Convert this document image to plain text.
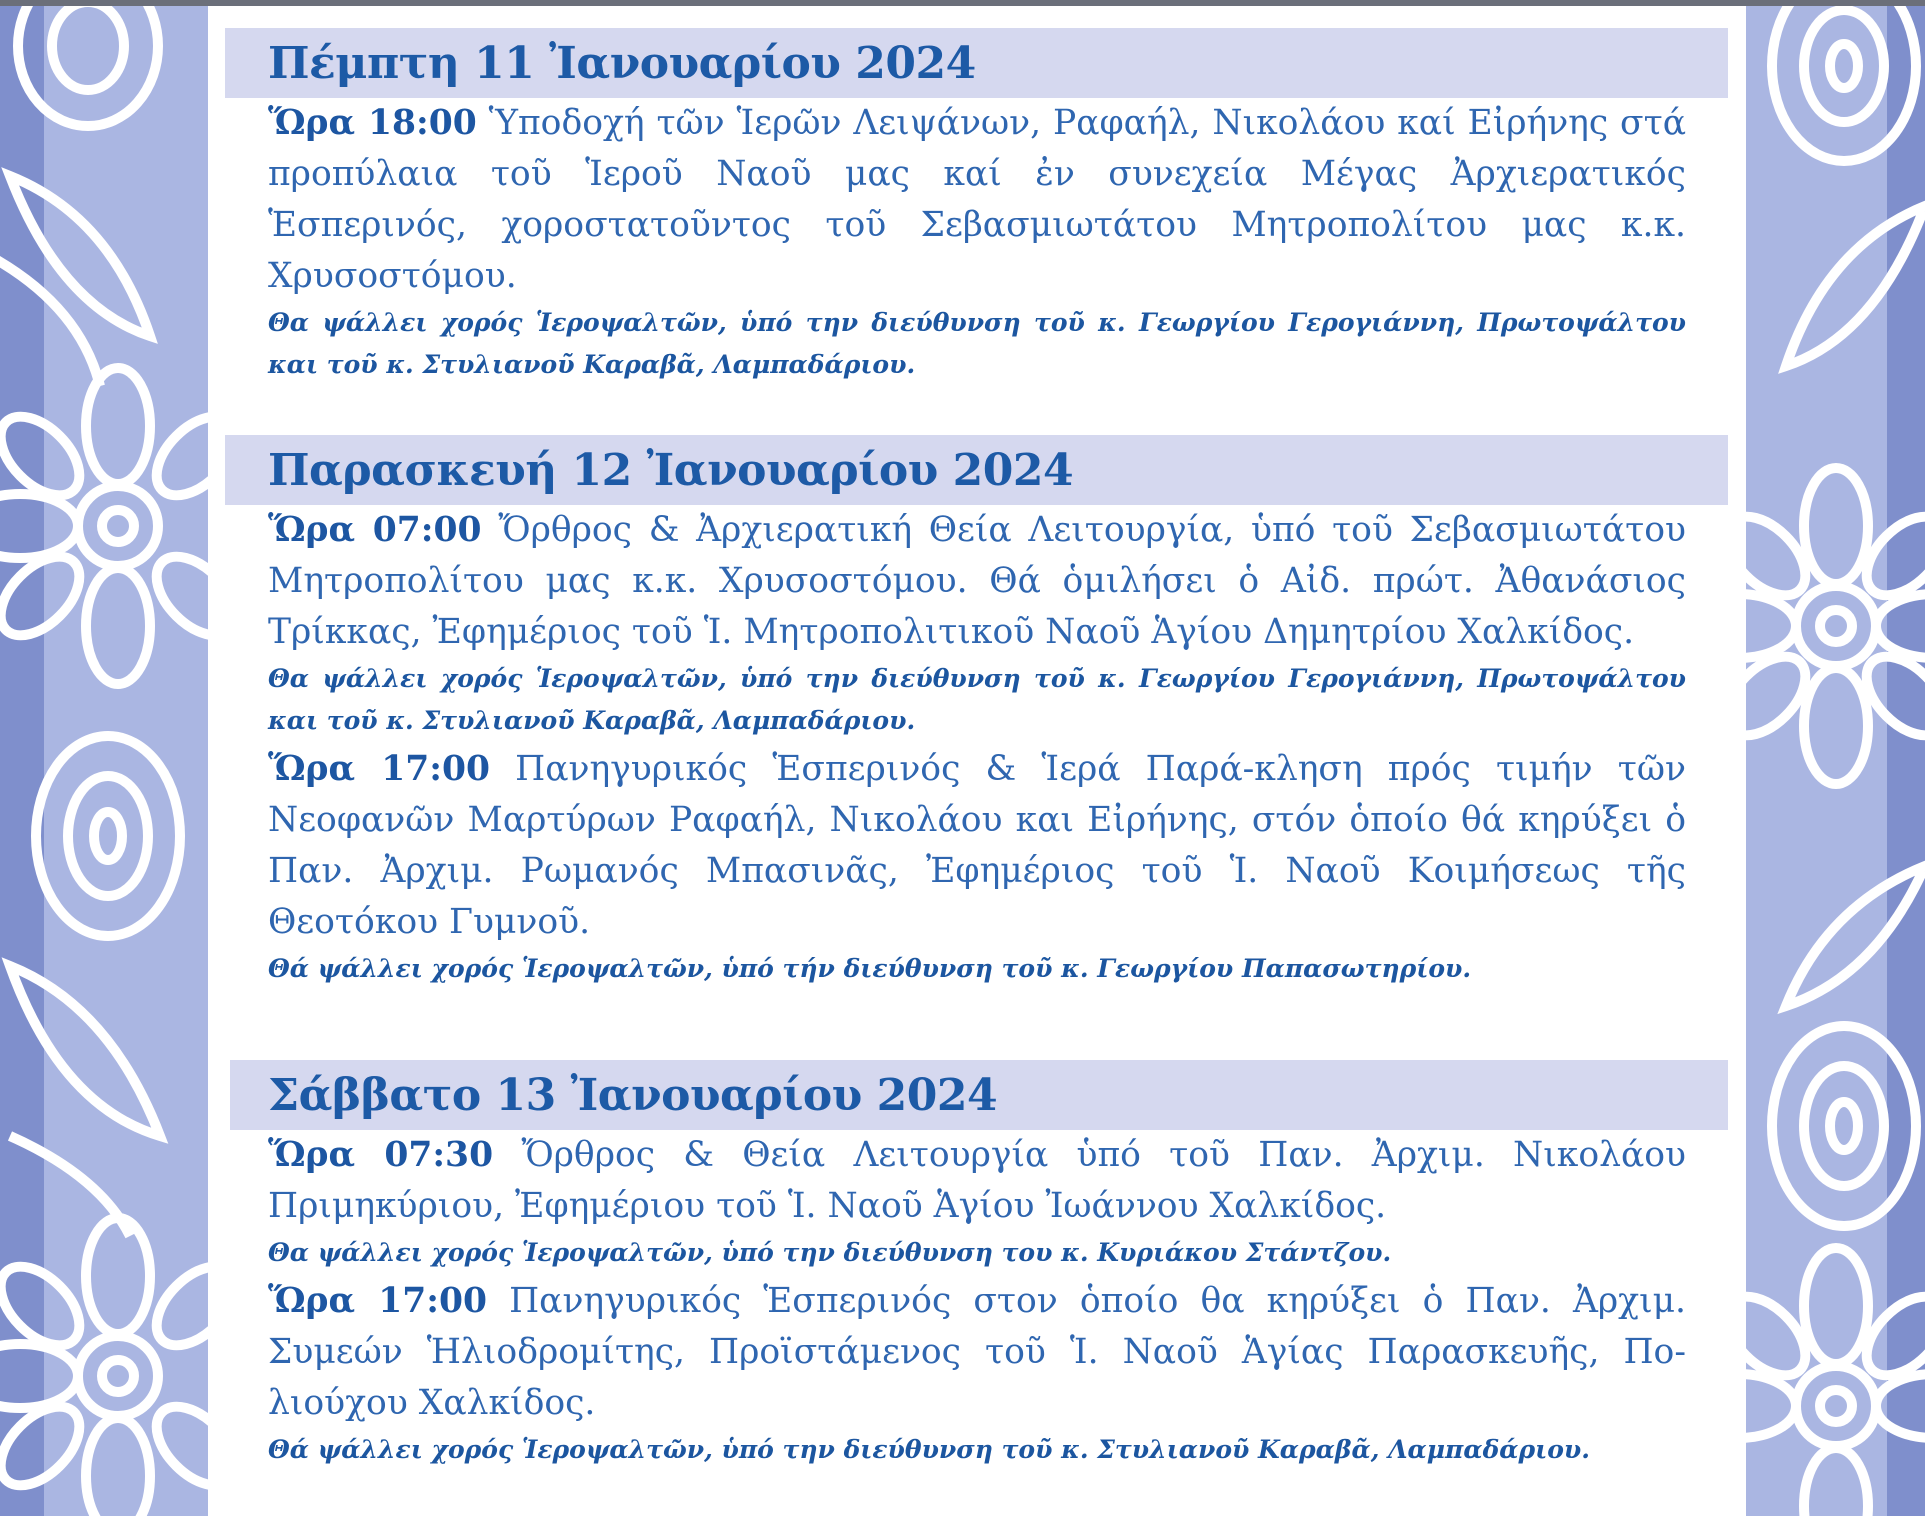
Πέμπτη 11 Ἰανουαρίου 2024
Ὥρα 18:00 Ὑποδοχή τῶν Ἱερῶν Λειψάνων, Ραφαήλ, Νικολάου καί Εἰρήνης στά προπύλαια τοῦ Ἱεροῦ Ναοῦ μας καί ἐν συνεχεία Μέγας Ἀρχιερατικός Ἑσπερινός, χοροστατοῦντος τοῦ Σεβασμιωτάτου Μητροπολίτου μας κ.κ. Χρυσοστόμου.
Θα ψάλλει χορός Ἱεροψαλτῶν, ὑπό την διεύθυνση τοῦ κ. Γεωργίου Γερογιάννη, Πρωτοψάλτου και τοῦ κ. Στυλιανοῦ Καραβᾶ, Λαμπαδάριου.
Παρασκευή 12 Ἰανουαρίου 2024
Ὥρα 07:00 Ὄρθρος & Ἀρχιερατική Θεία Λειτουργία, ὑπό τοῦ Σεβασμιωτάτου Μητροπολίτου μας κ.κ. Χρυσοστόμου. Θά ὁμιλήσει ὁ Αἰδ. πρώτ. Ἀθανάσιος Τρίκκας, Ἐφημέριος τοῦ Ἱ. Μητροπολιτικοῦ Ναοῦ Ἁγίου Δημητρίου Χαλκίδος.
Θα ψάλλει χορός Ἱεροψαλτῶν, ὑπό την διεύθυνση τοῦ κ. Γεωργίου Γερογιάννη, Πρωτοψάλτου και τοῦ κ. Στυλιανοῦ Καραβᾶ, Λαμπαδάριου.
Ὥρα 17:00 Πανηγυρικός Ἑσπερινός & Ἱερά Παρά-κληση πρός τιμήν τῶν Νεοφανῶν Μαρτύρων Ραφαήλ, Νικολάου και Εἰρήνης, στόν ὁποίο θά κηρύξει ὁ Παν. Ἀρχιμ. Ρωμανός Μπασινᾶς, Ἐφημέριος τοῦ Ἱ. Ναοῦ Κοιμήσεως τῆς Θεοτόκου Γυμνοῦ.
Θά ψάλλει χορός Ἱεροψαλτῶν, ὑπό τήν διεύθυνση τοῦ κ. Γεωργίου Παπασωτηρίου.
Σάββατο 13 Ἰανουαρίου 2024
Ὥρα 07:30 Ὄρθρος & Θεία Λειτουργία ὑπό τοῦ Παν. Ἀρχιμ. Νικολάου Πριμηκύριου, Ἐφημέριου τοῦ Ἱ. Ναοῦ Ἁγίου Ἰωάννου Χαλκίδος.
Θα ψάλλει χορός Ἱεροψαλτῶν, ὑπό την διεύθυνση του κ. Κυριάκου Στάντζου.
Ὥρα 17:00 Πανηγυρικός Ἑσπερινός στον ὁποίο θα κηρύξει ὁ Παν. Ἀρχιμ. Συμεών Ἡλιοδρομίτης, Προϊστάμενος τοῦ Ἱ. Ναοῦ Ἁγίας Παρασκευῆς, Πο-λιούχου Χαλκίδος.
Θά ψάλλει χορός Ἱεροψαλτῶν, ὑπό την διεύθυνση τοῦ κ. Στυλιανοῦ Καραβᾶ, Λαμπαδάριου.
